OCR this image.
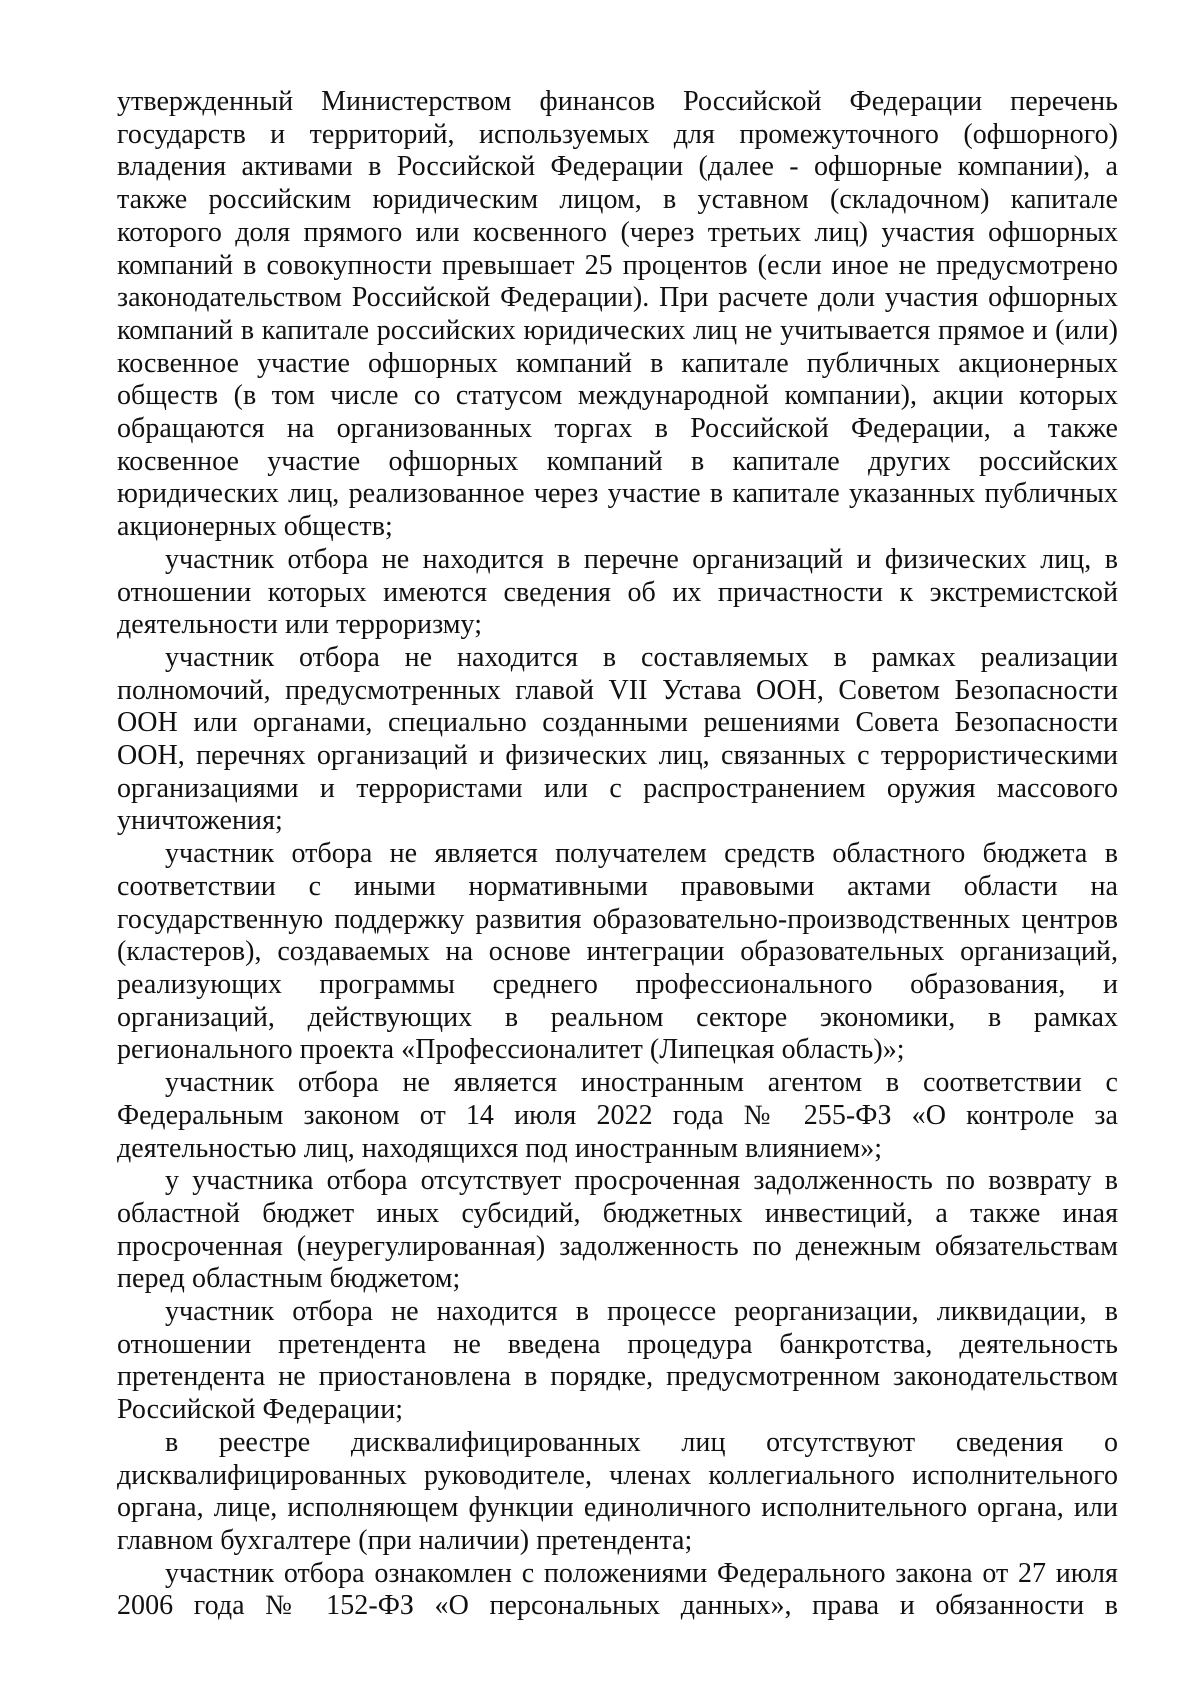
утвержденный Министерством финансов Российской Федерации перечень государств и территорий, используемых для промежуточного (офшорного) владения активами в Российской Федерации (далее - офшорные компании), а также российским юридическим лицом, в уставном (складочном) капитале которого доля прямого или косвенного (через третьих лиц) участия офшорных компаний в совокупности превышает 25 процентов (если иное не предусмотрено законодательством Российской Федерации). При расчете доли участия офшорных компаний в капитале российских юридических лиц не учитывается прямое и (или) косвенное участие офшорных компаний в капитале публичных акционерных обществ (в том числе со статусом международной компании), акции которых обращаются на организованных торгах в Российской Федерации, а также косвенное участие офшорных компаний в капитале других российских юридических лиц, реализованное через участие в капитале указанных публичных акционерных обществ;

участник отбора не находится в перечне организаций и физических лиц, в отношении которых имеются сведения об их причастности к экстремистской деятельности или терроризму;

участник отбора не находится в составляемых в рамках реализации полномочий, предусмотренных главой VII Устава ООН, Советом Безопасности ООН или органами, специально созданными решениями Совета Безопасности ООН, перечнях организаций и физических лиц, связанных с террористическими организациями и террористами или с распространением оружия массового уничтожения;

участник отбора не является получателем средств областного бюджета в соответствии с иными нормативными правовыми актами области на государственную поддержку развития образовательно-производственных центров (кластеров), создаваемых на основе интеграции образовательных организаций, реализующих программы среднего профессионального образования, и организаций, действующих в реальном секторе экономики, в рамках регионального проекта «Профессионалитет (Липецкая область)»;

участник отбора не является иностранным агентом в соответствии с Федеральным законом от 14 июля 2022 года № 255-ФЗ «О контроле за деятельностью лиц, находящихся под иностранным влиянием»;

у участника отбора отсутствует просроченная задолженность по возврату в областной бюджет иных субсидий, бюджетных инвестиций, а также иная просроченная (неурегулированная) задолженность по денежным обязательствам перед областным бюджетом;

участник отбора не находится в процессе реорганизации, ликвидации, в отношении претендента не введена процедура банкротства, деятельность претендента не приостановлена в порядке, предусмотренном законодательством Российской Федерации;

в реестре дисквалифицированных лиц отсутствуют сведения о дисквалифицированных руководителе, членах коллегиального исполнительного органа, лице, исполняющем функции единоличного исполнительного органа, или главном бухгалтере (при наличии) претендента;

участник отбора ознакомлен с положениями Федерального закона от 27 июля 2006 года № 152-ФЗ «О персональных данных», права и обязанности в
